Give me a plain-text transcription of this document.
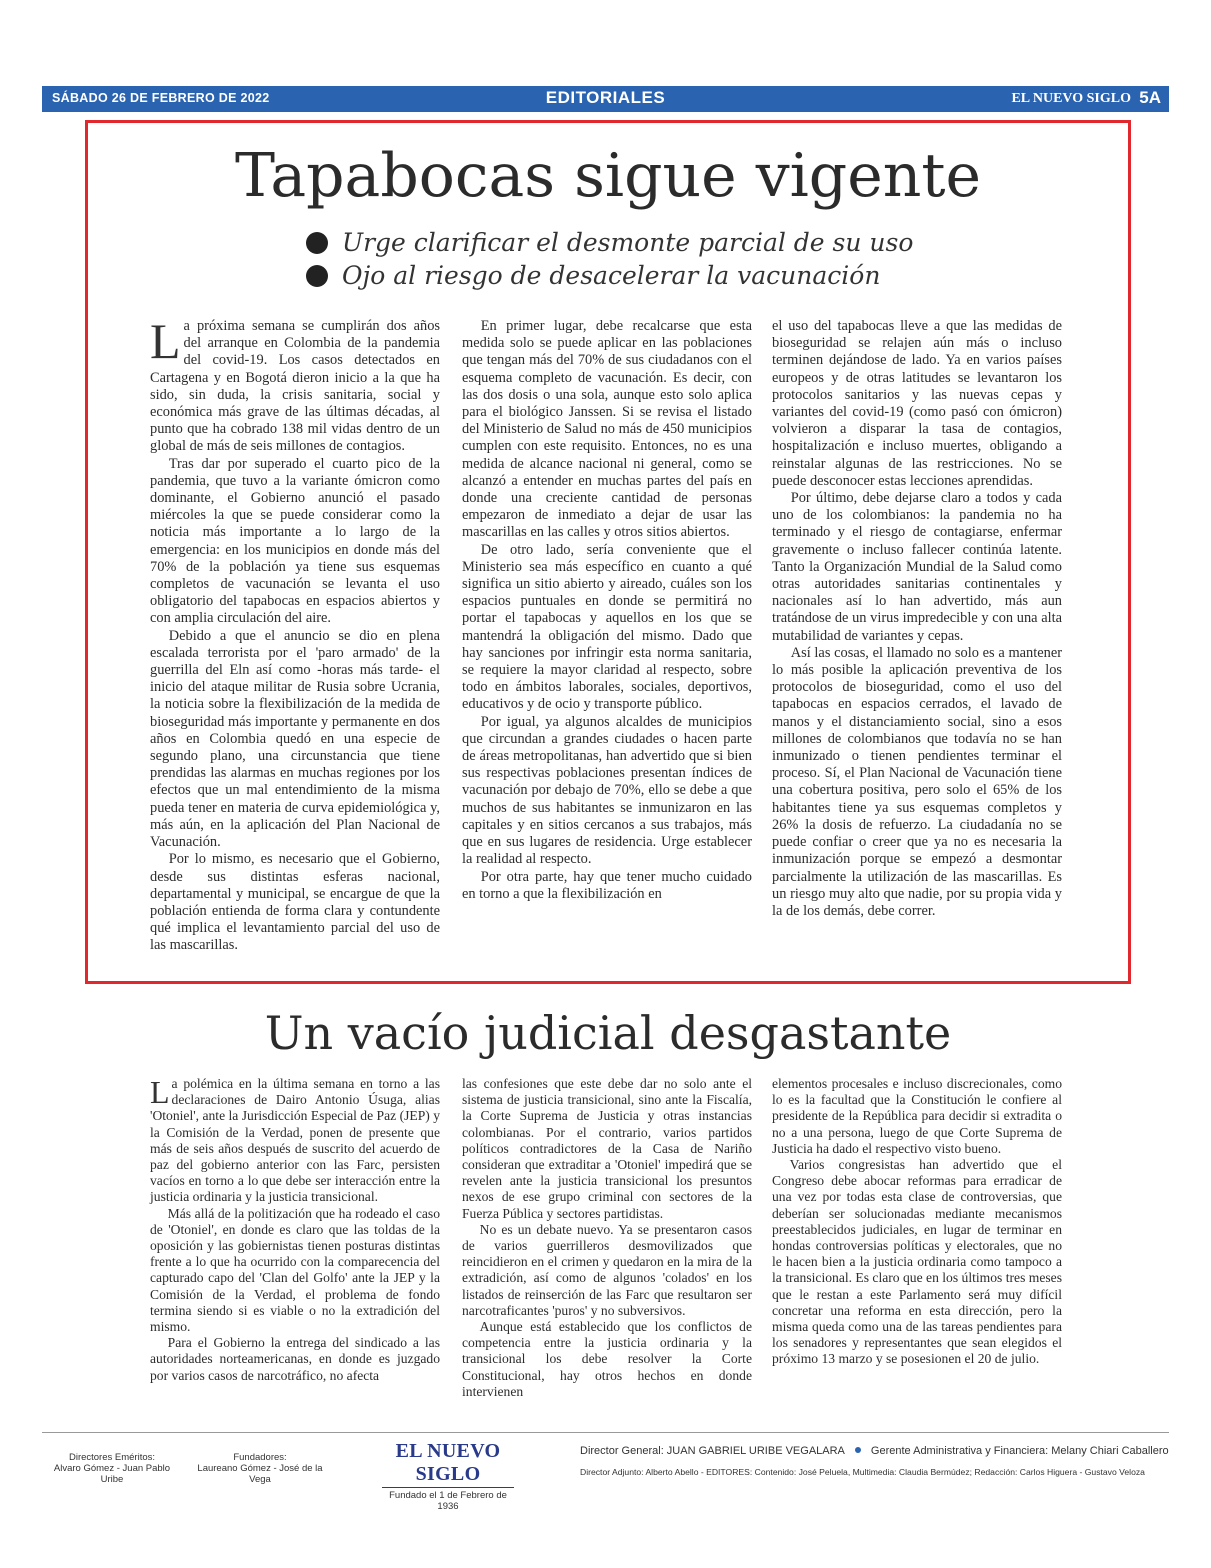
SÁBADO 26 DE FEBRERO DE 2022	EDITORIALES	EL NUEVO SIGLO 5A
Tapabocas sigue vigente
Urge clarificar el desmonte parcial de su uso
Ojo al riesgo de desacelerar la vacunación

La próxima semana se cumplirán dos años del arranque en Colombia de la pandemia del covid-19. Los casos detectados en Cartagena y en Bogotá dieron inicio a la que ha sido, sin duda, la crisis sanitaria, social y económica más grave de las últimas décadas, al punto que ha cobrado 138 mil vidas dentro de un global de más de seis millones de contagios.

Tras dar por superado el cuarto pico de la pandemia, que tuvo a la variante ómicron como dominante, el Gobierno anunció el pasado miércoles la que se puede considerar como la noticia más importante a lo largo de la emergencia: en los municipios en donde más del 70% de la población ya tiene sus esquemas completos de vacunación se levanta el uso obligatorio del tapabocas en espacios abiertos y con amplia circulación del aire.

Debido a que el anuncio se dio en plena escalada terrorista por el 'paro armado' de la guerrilla del Eln así como -horas más tarde- el inicio del ataque militar de Rusia sobre Ucrania, la noticia sobre la flexibilización de la medida de bioseguridad más importante y permanente en dos años en Colombia quedó en una especie de segundo plano, una circunstancia que tiene prendidas las alarmas en muchas regiones por los efectos que un mal entendimiento de la misma pueda tener en materia de curva epidemiológica y, más aún, en la aplicación del Plan Nacional de Vacunación.

Por lo mismo, es necesario que el Gobierno, desde sus distintas esferas nacional, departamental y municipal, se encargue de que la población entienda de forma clara y contundente qué implica el levantamiento parcial del uso de las mascarillas.

En primer lugar, debe recalcarse que esta medida solo se puede aplicar en las poblaciones que tengan más del 70% de sus ciudadanos con el esquema completo de vacunación. Es decir, con las dos dosis o una sola, aunque esto solo aplica para el biológico Janssen. Si se revisa el listado del Ministerio de Salud no más de 450 municipios cumplen con este requisito. Entonces, no es una medida de alcance nacional ni general, como se alcanzó a entender en muchas partes del país en donde una creciente cantidad de personas empezaron de inmediato a dejar de usar las mascarillas en las calles y otros sitios abiertos.

De otro lado, sería conveniente que el Ministerio sea más específico en cuanto a qué significa un sitio abierto y aireado, cuáles son los espacios puntuales en donde se permitirá no portar el tapabocas y aquellos en los que se mantendrá la obligación del mismo. Dado que hay sanciones por infringir esta norma sanitaria, se requiere la mayor claridad al respecto, sobre todo en ámbitos laborales, sociales, deportivos, educativos y de ocio y transporte público.

Por igual, ya algunos alcaldes de municipios que circundan a grandes ciudades o hacen parte de áreas metropolitanas, han advertido que si bien sus respectivas poblaciones presentan índices de vacunación por debajo de 70%, ello se debe a que muchos de sus habitantes se inmunizaron en las capitales y en sitios cercanos a sus trabajos, más que en sus lugares de residencia. Urge establecer la realidad al respecto.

Por otra parte, hay que tener mucho cuidado en torno a que la flexibilización en

el uso del tapabocas lleve a que las medidas de bioseguridad se relajen aún más o incluso terminen dejándose de lado. Ya en varios países europeos y de otras latitudes se levantaron los protocolos sanitarios y las nuevas cepas y variantes del covid-19 (como pasó con ómicron) volvieron a disparar la tasa de contagios, hospitalización e incluso muertes, obligando a reinstalar algunas de las restricciones. No se puede desconocer estas lecciones aprendidas.

Por último, debe dejarse claro a todos y cada uno de los colombianos: la pandemia no ha terminado y el riesgo de contagiarse, enfermar gravemente o incluso fallecer continúa latente. Tanto la Organización Mundial de la Salud como otras autoridades sanitarias continentales y nacionales así lo han advertido, más aun tratándose de un virus impredecible y con una alta mutabilidad de variantes y cepas.

Así las cosas, el llamado no solo es a mantener lo más posible la aplicación preventiva de los protocolos de bioseguridad, como el uso del tapabocas en espacios cerrados, el lavado de manos y el distanciamiento social, sino a esos millones de colombianos que todavía no se han inmunizado o tienen pendientes terminar el proceso. Sí, el Plan Nacional de Vacunación tiene una cobertura positiva, pero solo el 65% de los habitantes tiene ya sus esquemas completos y 26% la dosis de refuerzo. La ciudadanía no se puede confiar o creer que ya no es necesaria la inmunización porque se empezó a desmontar parcialmente la utilización de las mascarillas. Es un riesgo muy alto que nadie, por su propia vida y la de los demás, debe correr.

Un vacío judicial desgastante

La polémica en la última semana en torno a las declaraciones de Dairo Antonio Úsuga, alias 'Otoniel', ante la Jurisdicción Especial de Paz (JEP) y la Comisión de la Verdad, ponen de presente que más de seis años después de suscrito del acuerdo de paz del gobierno anterior con las Farc, persisten vacíos en torno a lo que debe ser interacción entre la justicia ordinaria y la justicia transicional.

Más allá de la politización que ha rodeado el caso de 'Otoniel', en donde es claro que las toldas de la oposición y las gobiernistas tienen posturas distintas frente a lo que ha ocurrido con la comparecencia del capturado capo del 'Clan del Golfo' ante la JEP y la Comisión de la Verdad, el problema de fondo termina siendo si es viable o no la extradición del mismo.

Para el Gobierno la entrega del sindicado a las autoridades norteamericanas, en donde es juzgado por varios casos de narcotráfico, no afecta

las confesiones que este debe dar no solo ante el sistema de justicia transicional, sino ante la Fiscalía, la Corte Suprema de Justicia y otras instancias colombianas. Por el contrario, varios partidos políticos contradictores de la Casa de Nariño consideran que extraditar a 'Otoniel' impedirá que se revelen ante la justicia transicional los presuntos nexos de ese grupo criminal con sectores de la Fuerza Pública y sectores partidistas.

No es un debate nuevo. Ya se presentaron casos de varios guerrilleros desmovilizados que reincidieron en el crimen y quedaron en la mira de la extradición, así como de algunos 'colados' en los listados de reinserción de las Farc que resultaron ser narcotraficantes 'puros' y no subversivos.

Aunque está establecido que los conflictos de competencia entre la justicia ordinaria y la transicional los debe resolver la Corte Constitucional, hay otros hechos en donde intervienen

elementos procesales e incluso discrecionales, como lo es la facultad que la Constitución le confiere al presidente de la República para decidir si extradita o no a una persona, luego de que Corte Suprema de Justicia ha dado el respectivo visto bueno.

Varios congresistas han advertido que el Congreso debe abocar reformas para erradicar de una vez por todas esta clase de controversias, que deberían ser solucionadas mediante mecanismos preestablecidos judiciales, en lugar de terminar en hondas controversias políticas y electorales, que no le hacen bien a la justicia ordinaria como tampoco a la transicional. Es claro que en los últimos tres meses que le restan a este Parlamento será muy difícil concretar una reforma en esta dirección, pero la misma queda como una de las tareas pendientes para los senadores y representantes que sean elegidos el próximo 13 marzo y se posesionen el 20 de julio.

Directores Eméritos:
Alvaro Gómez - Juan Pablo Uribe
Fundadores:
Laureano Gómez - José de la Vega
EL NUEVO SIGLO
Fundado el 1 de Febrero de 1936
Director General: JUAN GABRIEL URIBE VEGALARA Gerente Administrativa y Financiera: Melany Chiari Caballero
Director Adjunto: Alberto Abello - EDITORES: Contenido: José Peluela, Multimedia: Claudia Bermúdez; Redacción: Carlos Higuera - Gustavo Veloza
